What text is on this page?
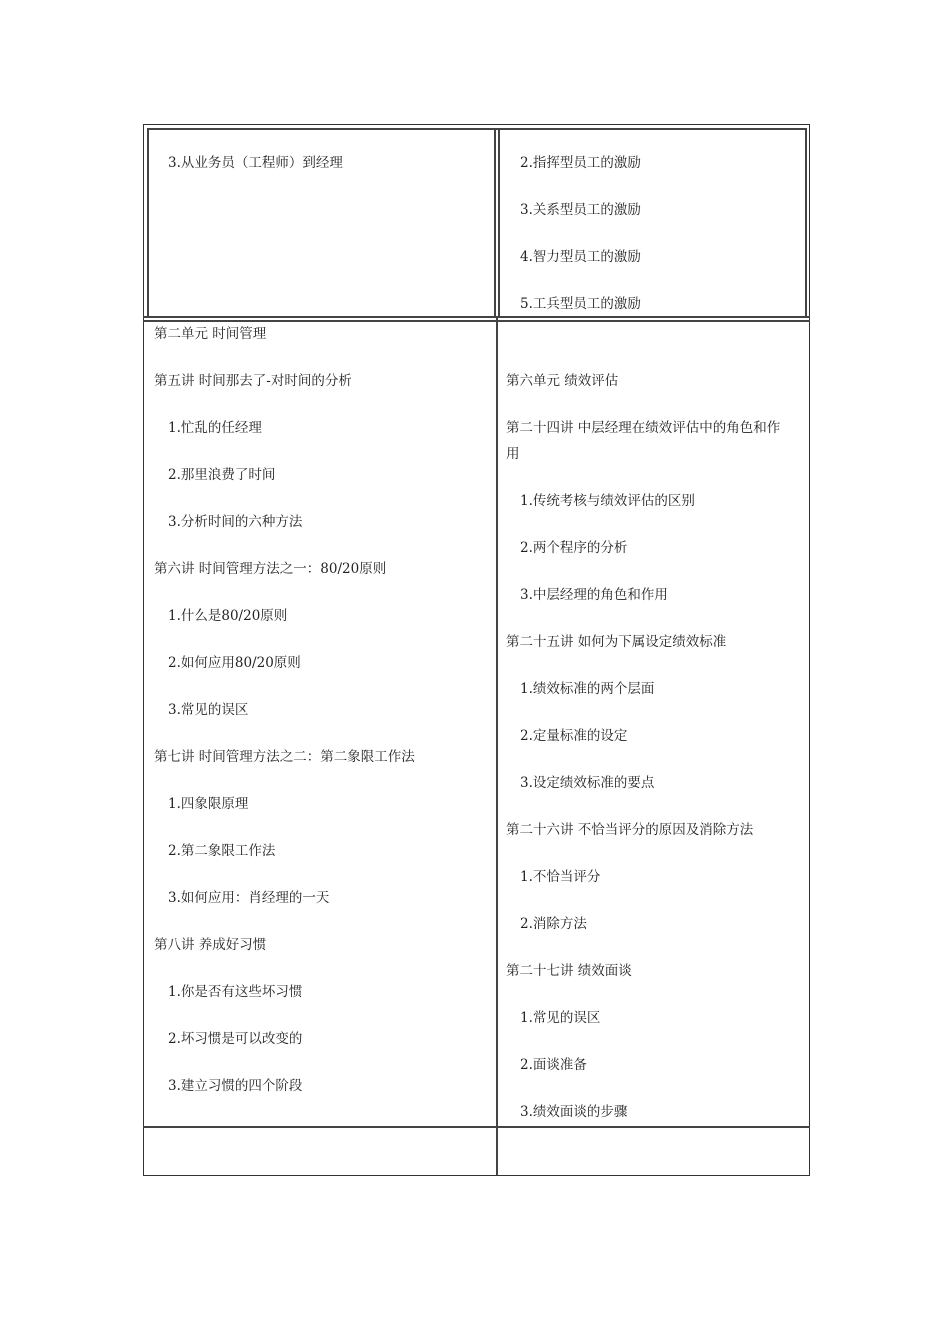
3.从业务员（工程师）到经理	2.指挥型员工的激励

3.关系型员工的激励

4.智力型员工的激励

5.工兵型员工的激励

第二单元 时间管理

第五讲 时间那去了-对时间的分析

1.忙乱的任经理

2.那里浪费了时间

3.分析时间的六种方法

第六讲 时间管理方法之一：80/20原则

1.什么是80/20原则

2.如何应用80/20原则

3.常见的误区

第七讲 时间管理方法之二：第二象限工作法

1.四象限原理

2.第二象限工作法

3.如何应用：肖经理的一天

第八讲 养成好习惯

1.你是否有这些坏习惯

2.坏习惯是可以改变的

3.建立习惯的四个阶段

第六单元 绩效评估

第二十四讲 中层经理在绩效评估中的角色和作用

1.传统考核与绩效评估的区别

2.两个程序的分析

3.中层经理的角色和作用

第二十五讲 如何为下属设定绩效标准

1.绩效标准的两个层面

2.定量标准的设定

3.设定绩效标准的要点

第二十六讲 不恰当评分的原因及消除方法

1.不恰当评分

2.消除方法

第二十七讲 绩效面谈

1.常见的误区

2.面谈准备

3.绩效面谈的步骤
